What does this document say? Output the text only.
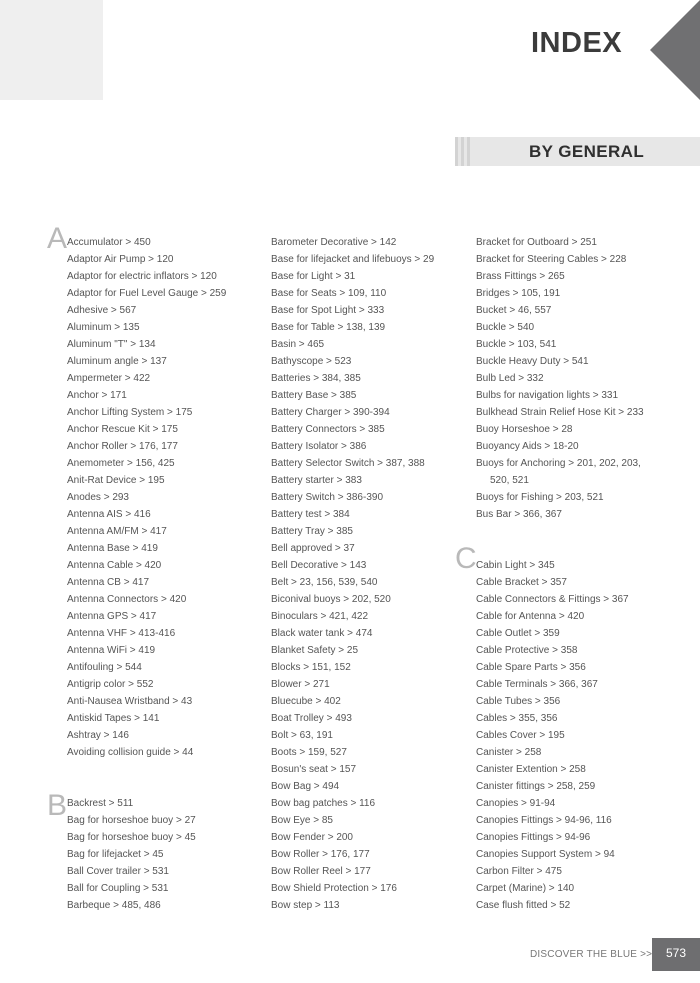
INDEX
BY GENERAL
A
B
C
Accumulator > 450
Adaptor Air Pump > 120
Adaptor for electric inflators > 120
Adaptor for Fuel Level Gauge > 259
Adhesive > 567
Aluminum > 135
Aluminum "T" > 134
Aluminum angle > 137
Ampermeter > 422
Anchor > 171
Anchor Lifting System > 175
Anchor Rescue Kit > 175
Anchor Roller > 176, 177
Anemometer > 156, 425
Anit-Rat Device > 195
Anodes > 293
Antenna AIS > 416
Antenna AM/FM > 417
Antenna Base > 419
Antenna Cable > 420
Antenna CB > 417
Antenna Connectors > 420
Antenna GPS > 417
Antenna VHF > 413-416
Antenna WiFi > 419
Antifouling > 544
Antigrip color > 552
Anti-Nausea Wristband > 43
Antiskid Tapes > 141
Ashtray > 146
Avoiding collision guide > 44
Backrest > 511
Bag for horseshoe buoy > 27
Bag for horseshoe buoy > 45
Bag for lifejacket > 45
Ball Cover trailer > 531
Ball for Coupling > 531
Barbeque > 485, 486
Barometer Decorative > 142
Base for lifejacket and lifebuoys > 29
Base for Light > 31
Base for Seats > 109, 110
Base for Spot Light > 333
Base for Table > 138, 139
Basin > 465
Bathyscope > 523
Batteries > 384, 385
Battery Base > 385
Battery Charger > 390-394
Battery Connectors > 385
Battery Isolator > 386
Battery Selector Switch > 387, 388
Battery starter > 383
Battery Switch > 386-390
Battery test > 384
Battery Tray > 385
Bell approved > 37
Bell Decorative > 143
Belt > 23, 156, 539, 540
Biconival buoys > 202, 520
Binoculars > 421, 422
Black water tank > 474
Blanket Safety > 25
Blocks > 151, 152
Blower > 271
Bluecube > 402
Boat Trolley > 493
Bolt > 63, 191
Boots > 159, 527
Bosun's seat > 157
Bow Bag > 494
Bow bag patches > 116
Bow Eye > 85
Bow Fender > 200
Bow Roller > 176, 177
Bow Roller Reel > 177
Bow Shield Protection > 176
Bow step > 113
Bracket for Outboard > 251
Bracket for Steering Cables > 228
Brass Fittings > 265
Bridges > 105, 191
Bucket > 46, 557
Buckle > 540
Buckle > 103, 541
Buckle Heavy Duty > 541
Bulb Led > 332
Bulbs for navigation lights > 331
Bulkhead Strain Relief Hose Kit > 233
Buoy Horseshoe > 28
Buoyancy Aids > 18-20
Buoys for Anchoring > 201, 202, 203,
520, 521
Buoys for Fishing > 203, 521
Bus Bar > 366, 367
Cabin Light > 345
Cable Bracket > 357
Cable Connectors & Fittings > 367
Cable for Antenna > 420
Cable Outlet > 359
Cable Protective > 358
Cable Spare Parts > 356
Cable Terminals > 366, 367
Cable Tubes > 356
Cables > 355, 356
Cables Cover > 195
Canister > 258
Canister Extention > 258
Canister fittings > 258, 259
Canopies > 91-94
Canopies Fittings > 94-96, 116
Canopies Fittings > 94-96
Canopies Support System > 94
Carbon Filter > 475
Carpet (Marine) > 140
Case flush fitted > 52
DISCOVER THE BLUE >>	573
